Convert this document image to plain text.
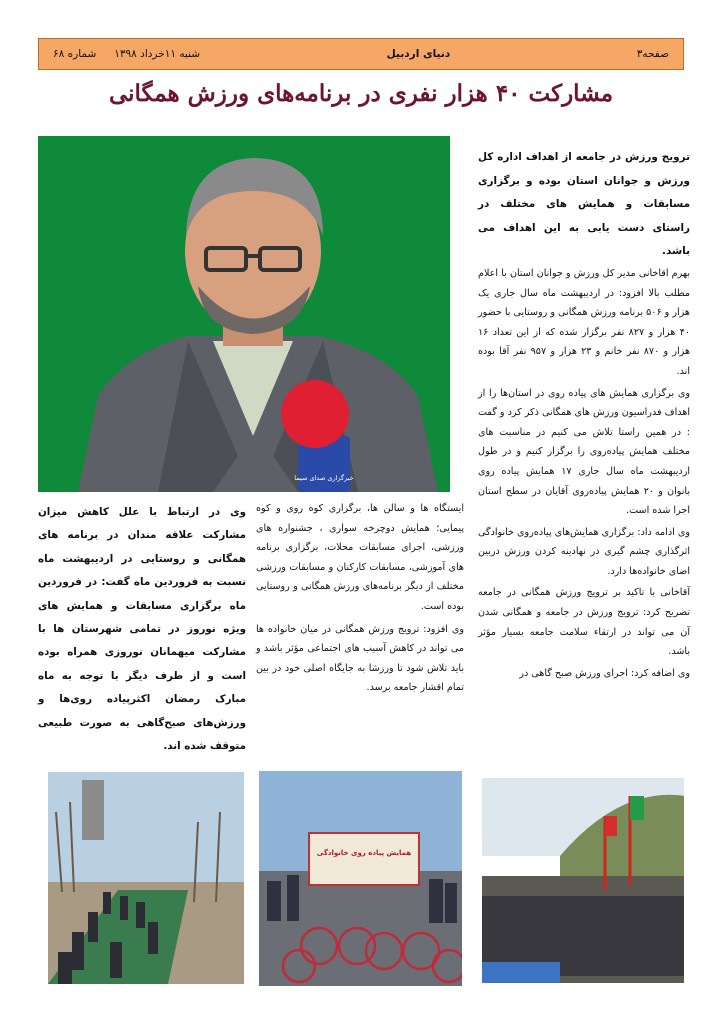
صفحه۳
دنیای اردبیل
شنبه ۱۱خرداد ۱۳۹۸
شماره ۶۸
مشارکت ۴۰ هزار نفری در برنامه‌های ورزش همگانی
خبرگزاری صدای سیما

ترویج ورزش در جامعه از اهداف اداره کل ورزش و جوانان استان بوده و برگزاری مسابقات و همایش های مختلف در راستای دست یابی به این اهداف می باشد.

بهرم اقاخانی مدیر کل ورزش و جوانان استان با اعلام مطلب بالا افزود: در اردیبهشت ماه سال جاری یک هزار و ۵۰۶ برنامه ورزش همگانی و روستایی با حضور ۴۰ هزار و ۸۲۷ نفر برگزار شده که از این تعداد ۱۶ هزار و ۸۷۰ نفر خانم و ۲۳ هزار و ۹۵۷ نفر آقا بوده اند.

وی برگزاری همایش های پیاده روی در استان‌ها را از اهداف فدراسیون ورزش های همگانی ذکر کرد و گفت : در همین راستا تلاش می کنیم در مناسبت های مختلف همایش پیاده‌روی را برگزار کنیم و در طول اردیبهشت ماه سال جاری ۱۷ همایش پیاده روی بانوان و ۲۰ همایش پیاده‌روی آقایان در سطح استان اجرا شده است.

وی ادامه داد: برگزاری همایش‌های پیاده‌روی خانوادگی اثرگذاری چشم گیری در نهادینه کردن ورزش دربین اضای خانواده‌ها دارد.

آقاخانی با تاکید بر ترویج ورزش همگانی در جامعه تصریح کرد: ترویج ورزش در جامعه و همگانی شدن آن می تواند در ارتقاء سلامت جامعه بسیار مؤثر باشد.

وی اضافه کرد: اجرای ورزش صبح گاهی در

ایستگاه ها و سالن ها، برگزاری کوه روی و کوه پیمایی؛ همایش دوچرخه سواری ، جشنواره های ورزشی، اجرای مسابقات محلات، برگزاری برنامه های آموزشی، مسابقات کارکنان و مسابقات ورزشی مختلف از دیگر برنامه‌های ورزش همگانی و روستایی بوده است.

وی افزود: ترویج ورزش همگانی در میان خانواده ها می تواند در کاهش آسیب های اجتماعی مؤثر باشد و باید تلاش شود تا ورزشا به جایگاه اصلی خود در بین تمام اقشار جامعه برسد.

وی در ارتباط با علل کاهش میزان مشارکت علاقه مندان در برنامه های همگانی و روستایی در اردیبهشت ماه نسبت به فروردین ماه گفت: در فروردین ماه برگزاری مسابقات و همایش های ویژه نوروز در تمامی شهرستان ها با مشارکت میهمانان نوروزی همراه بوده است و از طرف دیگر با توجه به ماه مبارک رمضان اکثرپیاده روی‌ها و ورزش‌های صبح‌گاهی به صورت طبیعی متوقف شده اند.

همایش پیاده روی خانوادگی
